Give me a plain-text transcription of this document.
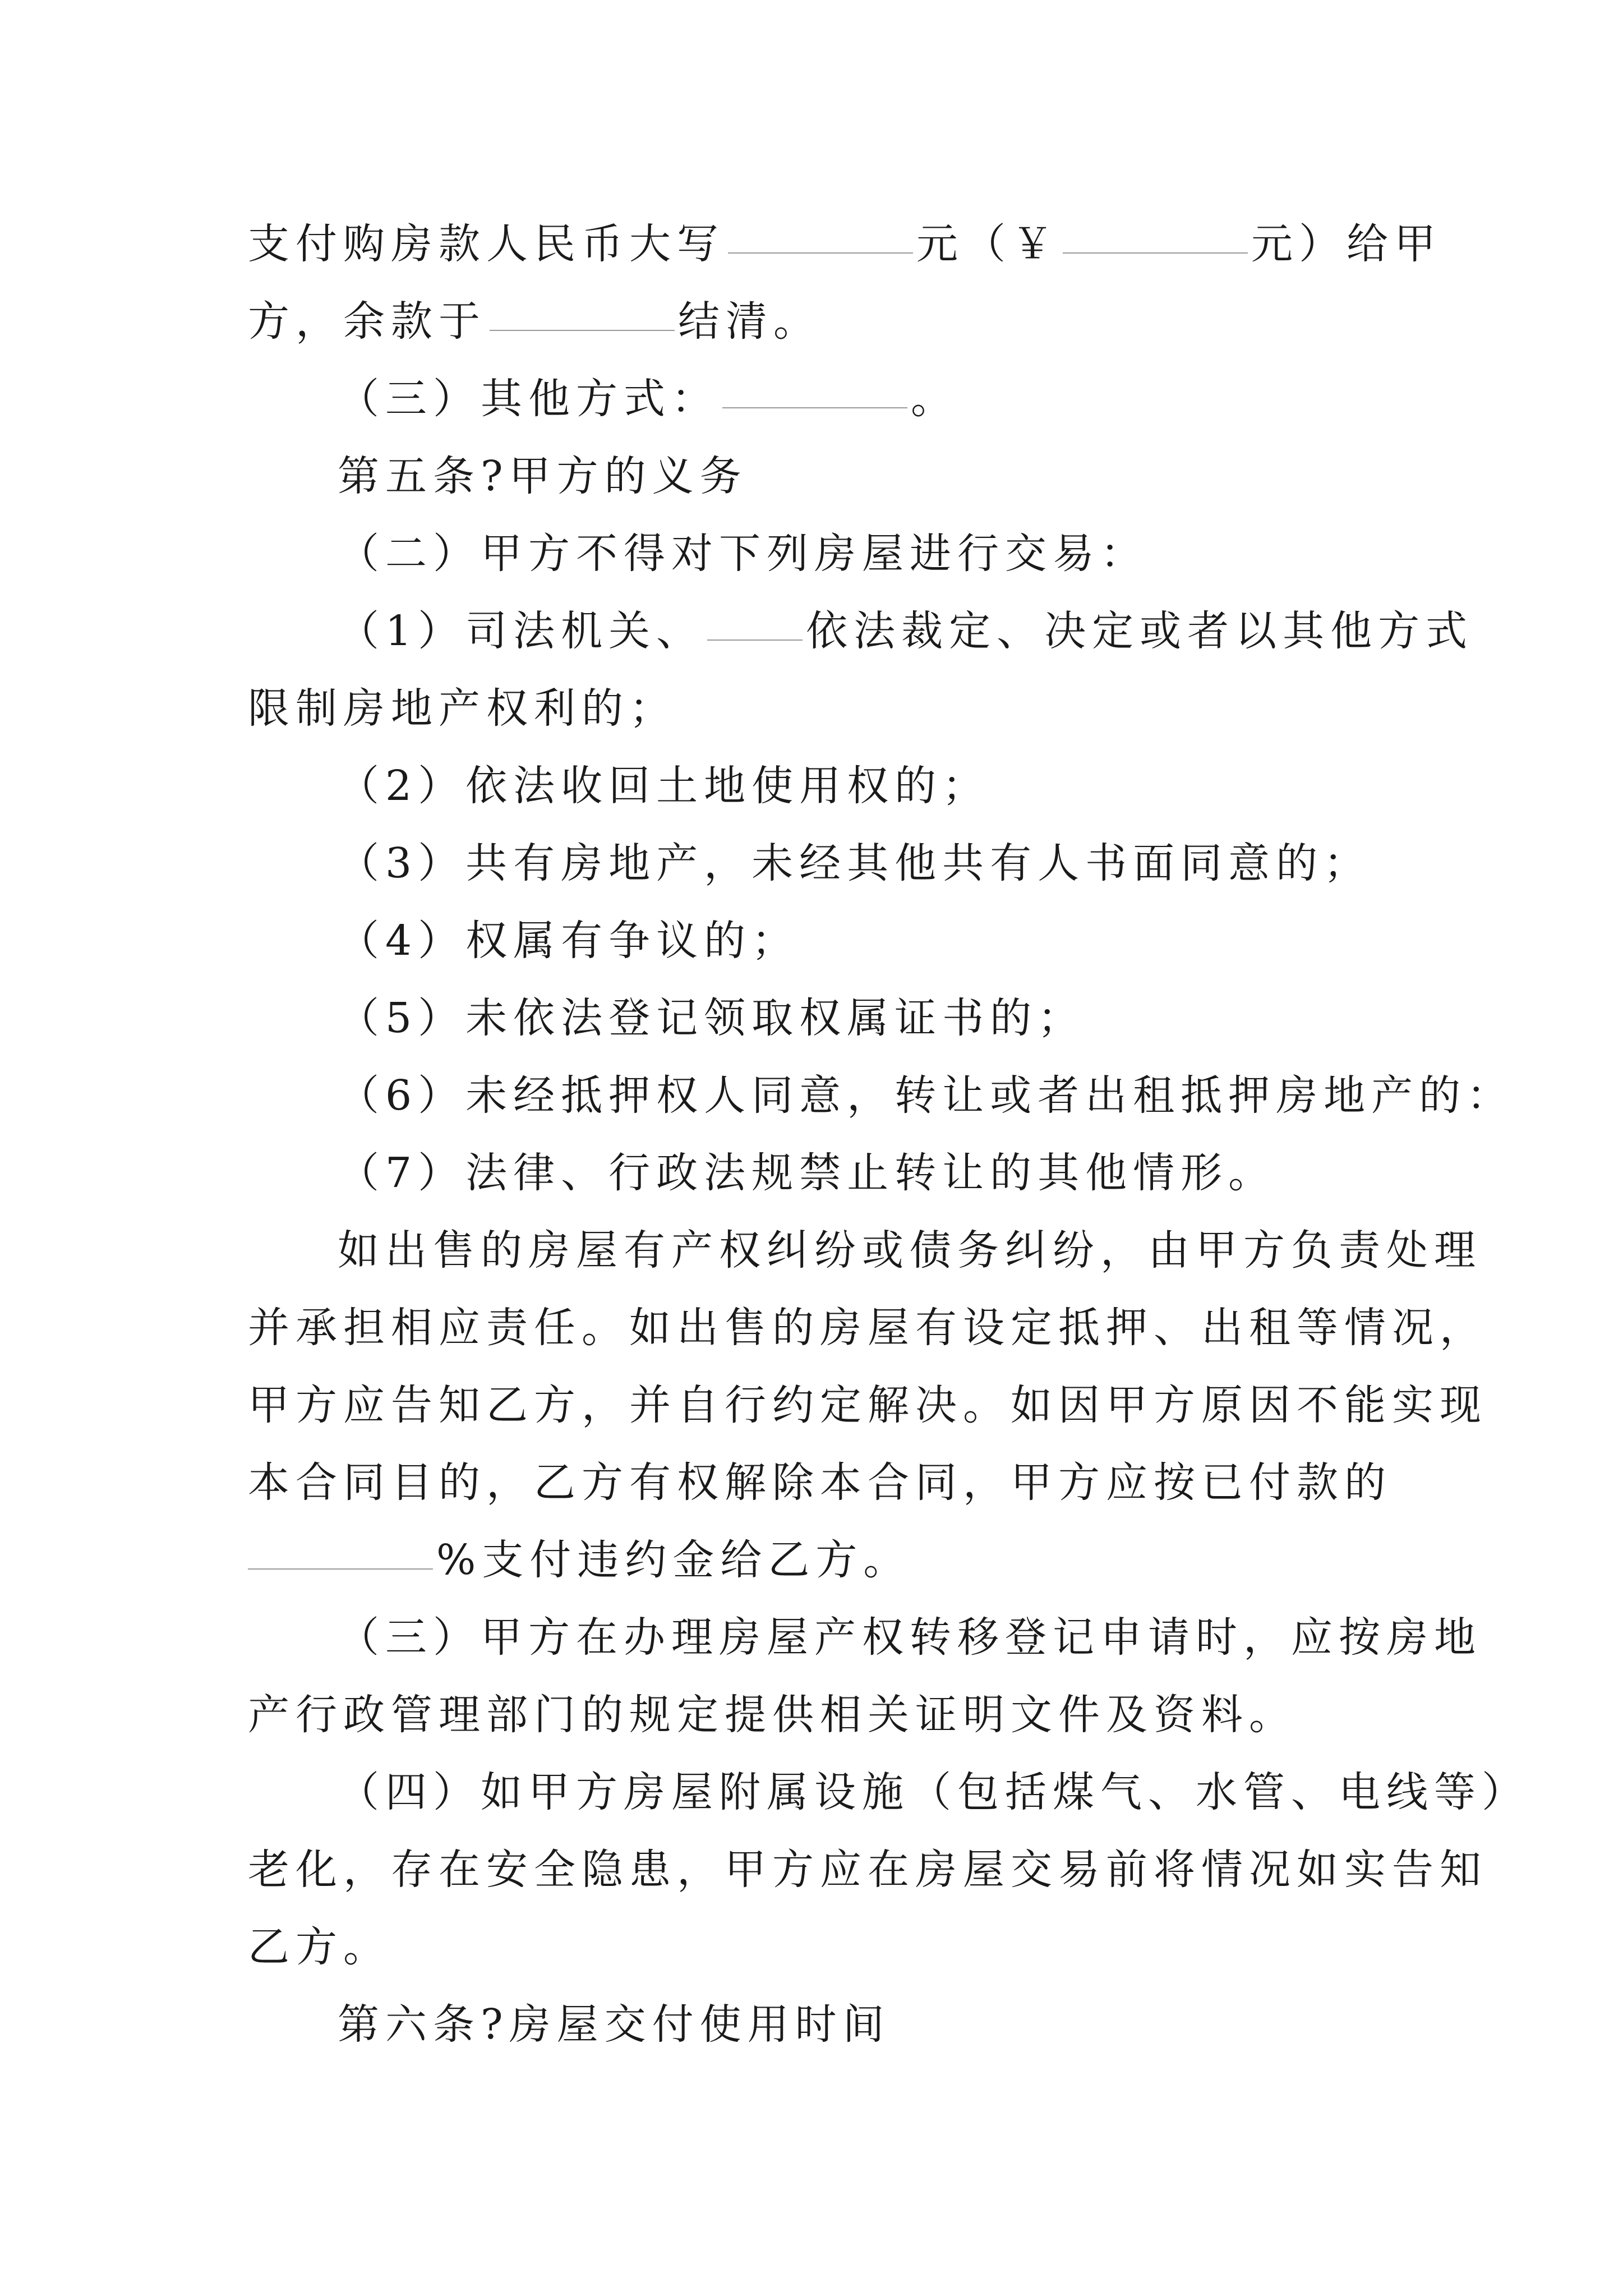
支付购房款人民币大写	元（￥	元）给甲
方，余款于	结清。
（三）其他方式：	。
第五条?甲方的义务
（二）甲方不得对下列房屋进行交易：
（1）司法机关、 依法裁定、决定或者以其他方式
限制房地产权利的；
（2）依法收回土地使用权的；
（3）共有房地产，未经其他共有人书面同意的；
（4）权属有争议的；
（5）未依法登记领取权属证书的；
（6）未经抵押权人同意，转让或者出租抵押房地产的：
（7）法律、行政法规禁止转让的其他情形。
如出售的房屋有产权纠纷或债务纠纷，由甲方负责处理
并承担相应责任。如出售的房屋有设定抵押、出租等情况，
甲方应告知乙方，并自行约定解决。如因甲方原因不能实现
本合同目的，乙方有权解除本合同，甲方应按已付款的
%支付违约金给乙方。
（三）甲方在办理房屋产权转移登记申请时，应按房地
产行政管理部门的规定提供相关证明文件及资料。
（四）如甲方房屋附属设施（包括煤气、水管、电线等）
老化，存在安全隐患，甲方应在房屋交易前将情况如实告知
乙方。
第六条?房屋交付使用时间
